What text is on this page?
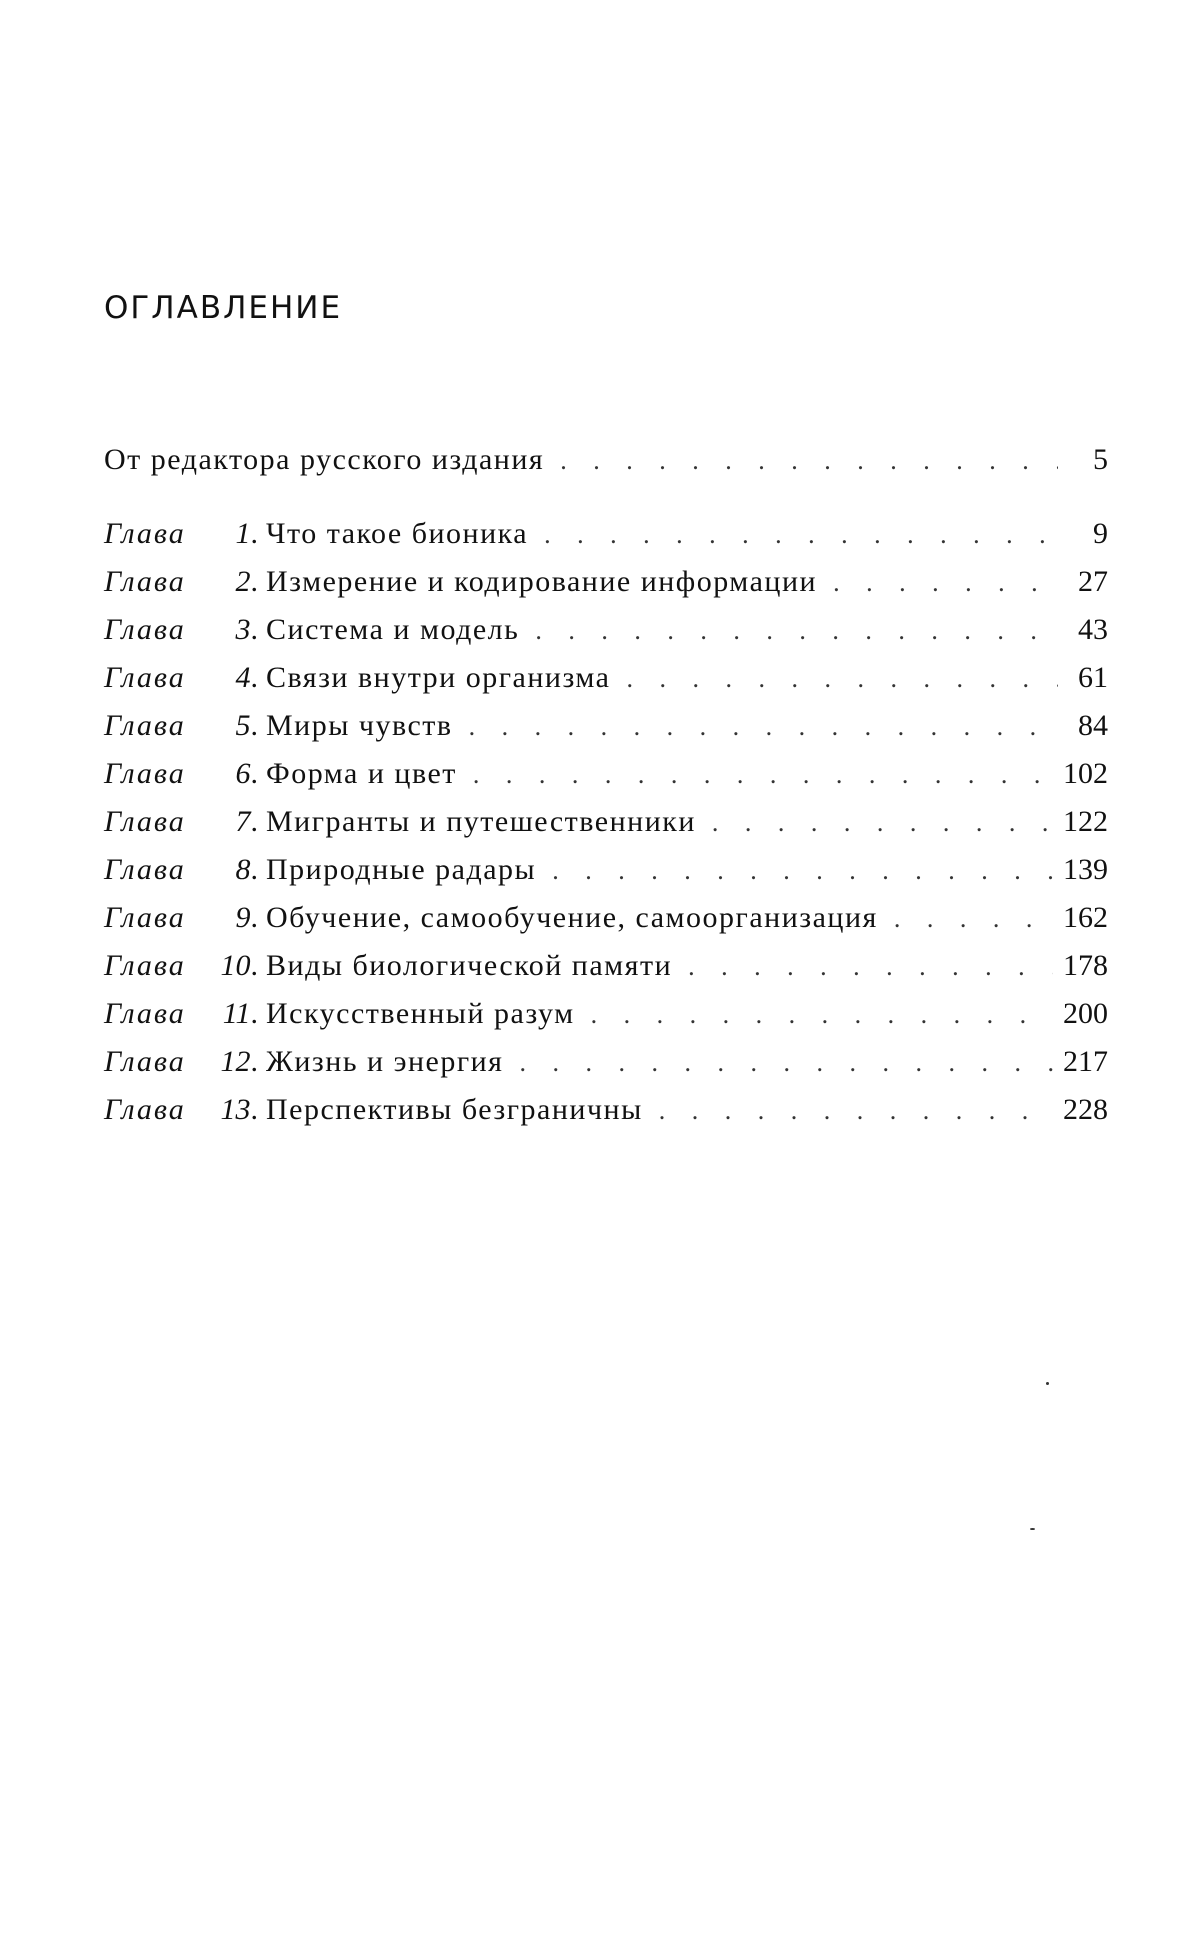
ОГЛАВЛЕНИЕ
От редактора русского издания . . .	5
Глава	1. Что такое бионика . . .	9
Глава	2. Измерение и кодирование информации . . .	27
Глава	3. Система и модель . . .	43
Глава	4. Связи внутри организма . . .	61
Глава	5. Миры чувств . . .	84
Глава	6. Форма и цвет . . .	102
Глава	7. Мигранты и путешественники . . .	122
Глава	8. Природные радары . . .	139
Глава	9. Обучение, самообучение, самоорганизация . . .	162
Глава	10. Виды биологической памяти . . .	178
Глава	11. Искусственный разум . . .	200
Глава	12. Жизнь и энергия . . .	217
Глава	13. Перспективы безграничны . . .	228
